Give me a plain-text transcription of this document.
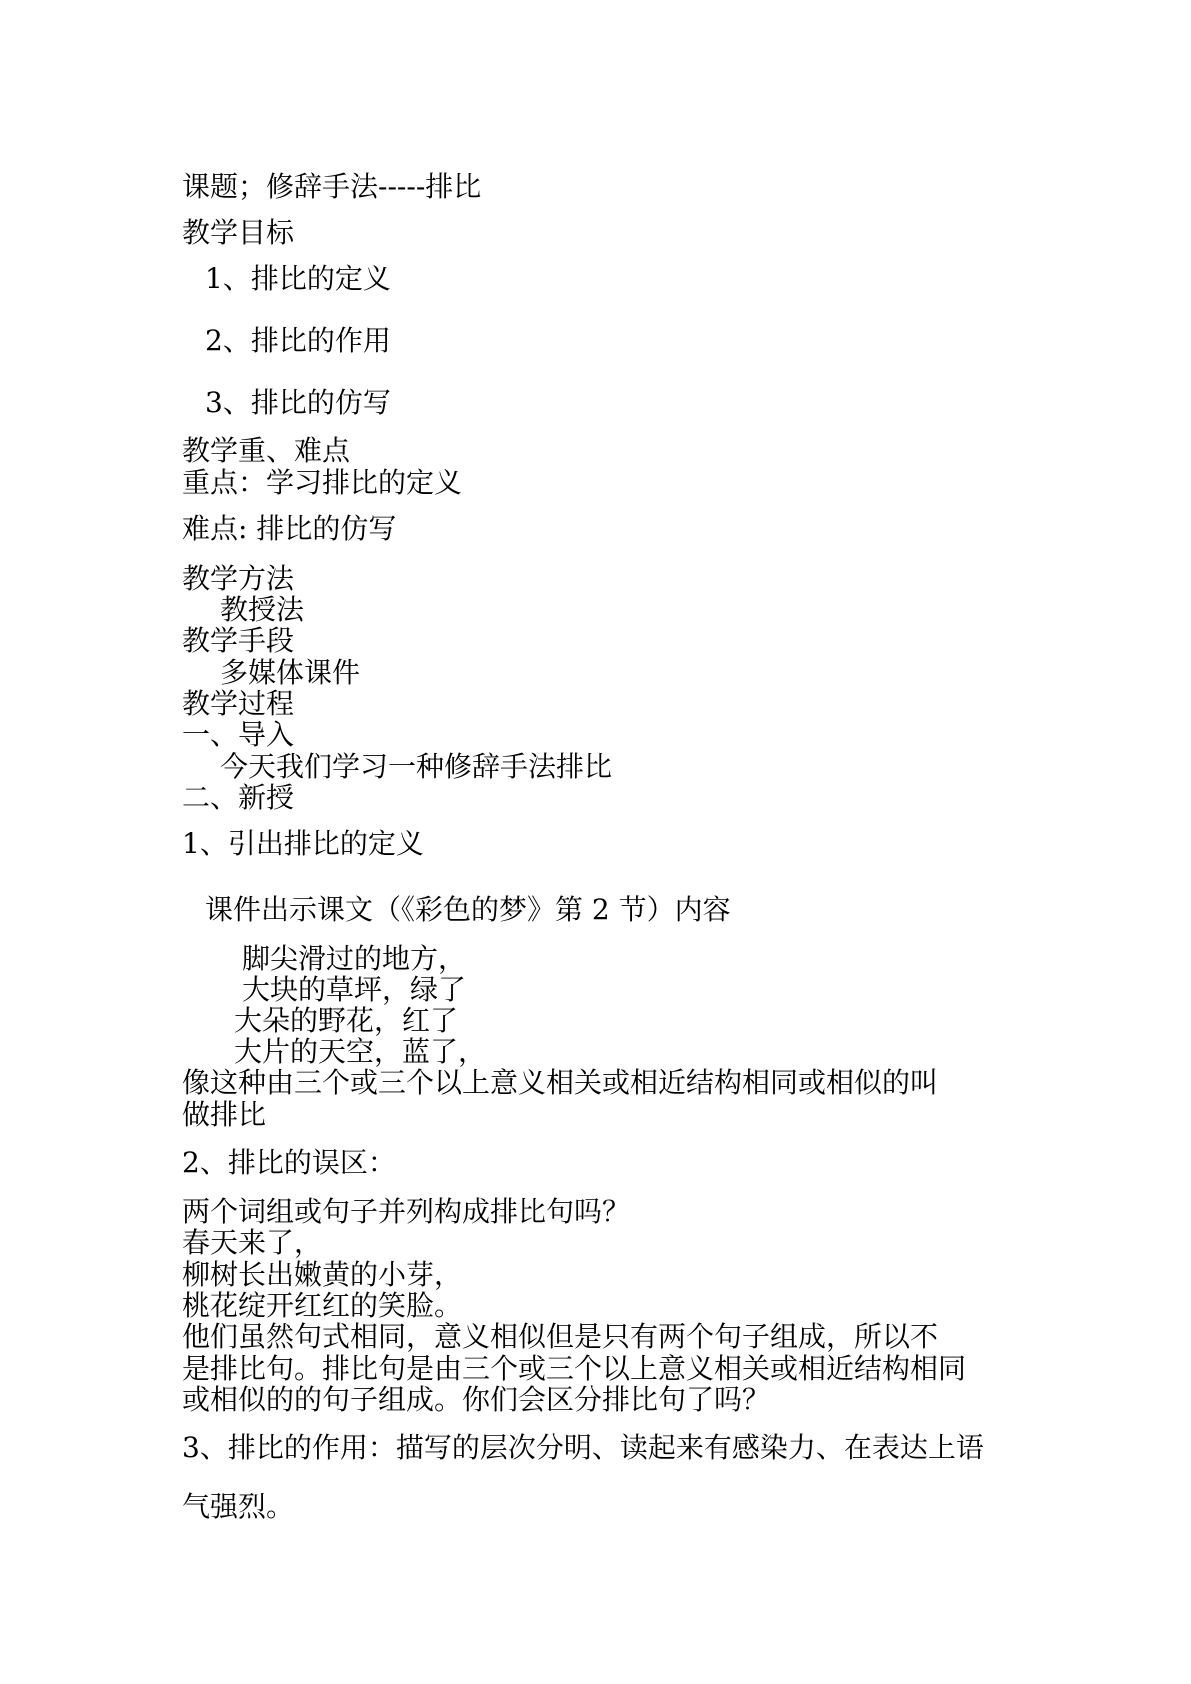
课题；修辞手法-----排比
教学目标
1、排比的定义
2、排比的作用
3、排比的仿写
教学重、难点
重点：学习排比的定义
难点: 排比的仿写
教学方法
教授法
教学手段
多媒体课件
教学过程
一、导入
今天我们学习一种修辞手法排比
二、新授
1、引出排比的定义
课件出示课文（《彩色的梦》第 2 节）内容
脚尖滑过的地方，
大块的草坪，绿了
大朵的野花，红了
大片的天空，蓝了，
像这种由三个或三个以上意义相关或相近结构相同或相似的叫
做排比
2、排比的误区：
两个词组或句子并列构成排比句吗？
春天来了，
柳树长出嫩黄的小芽，
桃花绽开红红的笑脸。
他们虽然句式相同，意义相似但是只有两个句子组成，所以不
是排比句。排比句是由三个或三个以上意义相关或相近结构相同
或相似的的句子组成。你们会区分排比句了吗？
3、排比的作用：描写的层次分明、读起来有感染力、在表达上语
气强烈。
